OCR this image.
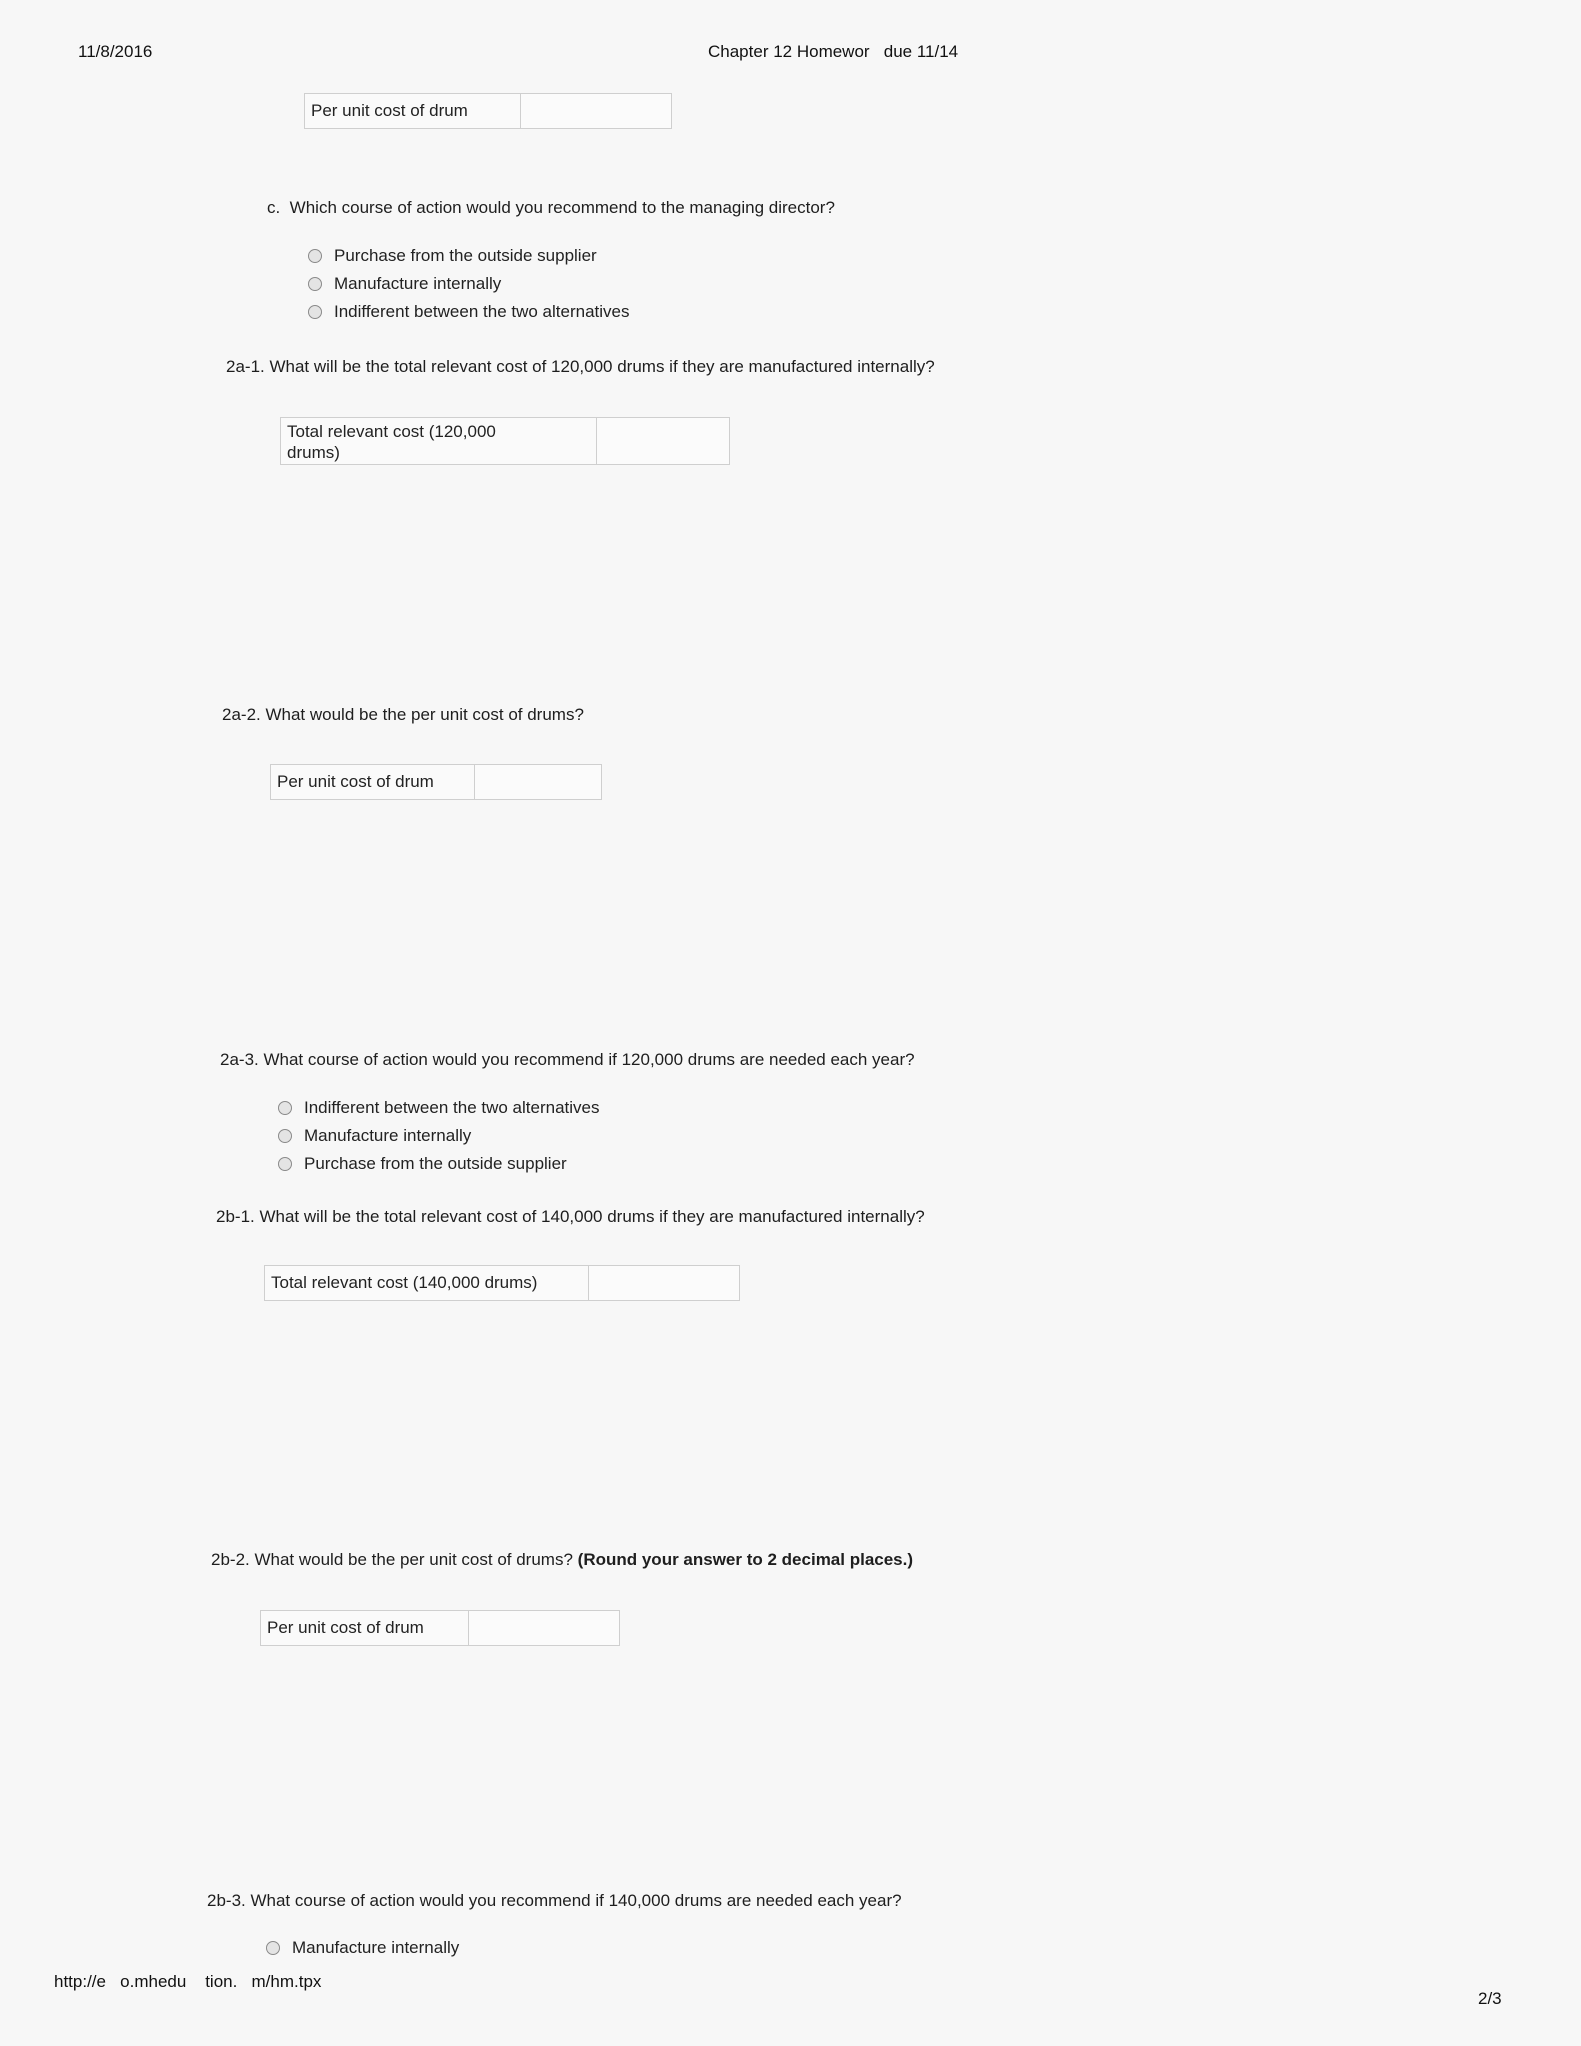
11/8/2016	Chapter 12 Homewor   due 11/14
Per unit cost of drum
c.  Which course of action would you recommend to the managing director?
Purchase from the outside supplier
Manufacture internally
Indifferent between the two alternatives
2a-1. What will be the total relevant cost of 120,000 drums if they are manufactured internally?
Total relevant cost (120,000
drums)
2a-2. What would be the per unit cost of drums?
Per unit cost of drum
2a-3. What course of action would you recommend if 120,000 drums are needed each year?
Indifferent between the two alternatives
Manufacture internally
Purchase from the outside supplier
2b-1. What will be the total relevant cost of 140,000 drums if they are manufactured internally?
Total relevant cost (140,000 drums)
2b-2. What would be the per unit cost of drums? (Round your answer to 2 decimal places.)
Per unit cost of drum
2b-3. What course of action would you recommend if 140,000 drums are needed each year?
Manufacture internally
http://e   o.mhedu    tion.   m/hm.tpx
2/3
